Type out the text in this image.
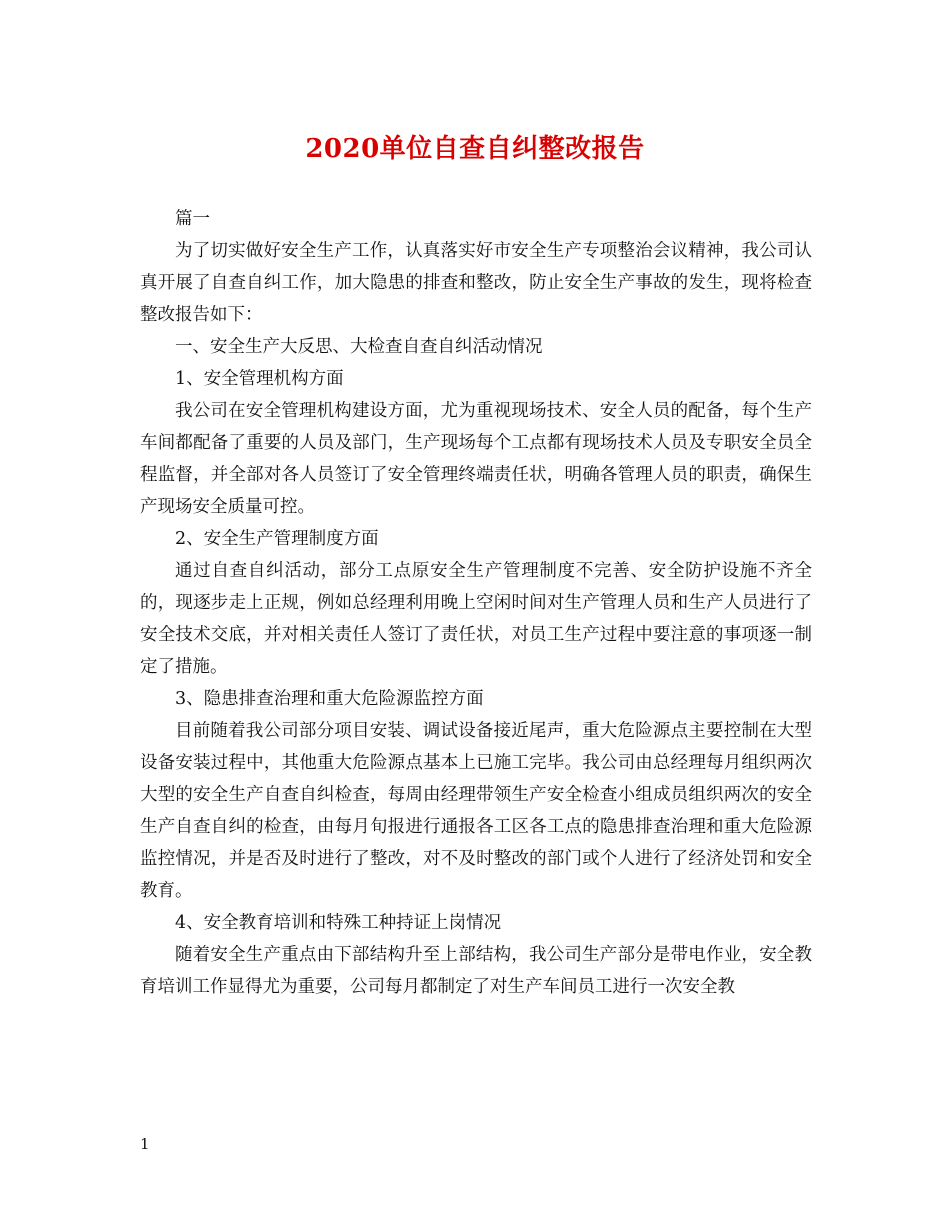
2020单位自查自纠整改报告

篇一

为了切实做好安全生产工作，认真落实好市安全生产专项整治会议精神，我公司认真开展了自查自纠工作，加大隐患的排查和整改，防止安全生产事故的发生，现将检查整改报告如下：

一、安全生产大反思、大检查自查自纠活动情况

1、安全管理机构方面

我公司在安全管理机构建设方面，尤为重视现场技术、安全人员的配备，每个生产车间都配备了重要的人员及部门，生产现场每个工点都有现场技术人员及专职安全员全程监督，并全部对各人员签订了安全管理终端责任状，明确各管理人员的职责，确保生产现场安全质量可控。

2、安全生产管理制度方面

通过自查自纠活动，部分工点原安全生产管理制度不完善、安全防护设施不齐全的，现逐步走上正规，例如总经理利用晚上空闲时间对生产管理人员和生产人员进行了安全技术交底，并对相关责任人签订了责任状，对员工生产过程中要注意的事项逐一制定了措施。

3、隐患排查治理和重大危险源监控方面

目前随着我公司部分项目安装、调试设备接近尾声，重大危险源点主要控制在大型设备安装过程中，其他重大危险源点基本上已施工完毕。我公司由总经理每月组织两次大型的安全生产自查自纠检查，每周由经理带领生产安全检查小组成员组织两次的安全生产自查自纠的检查，由每月旬报进行通报各工区各工点的隐患排查治理和重大危险源监控情况，并是否及时进行了整改，对不及时整改的部门或个人进行了经济处罚和安全教育。

4、安全教育培训和特殊工种持证上岗情况

随着安全生产重点由下部结构升至上部结构，我公司生产部分是带电作业，安全教育培训工作显得尤为重要，公司每月都制定了对生产车间员工进行一次安全教

1
